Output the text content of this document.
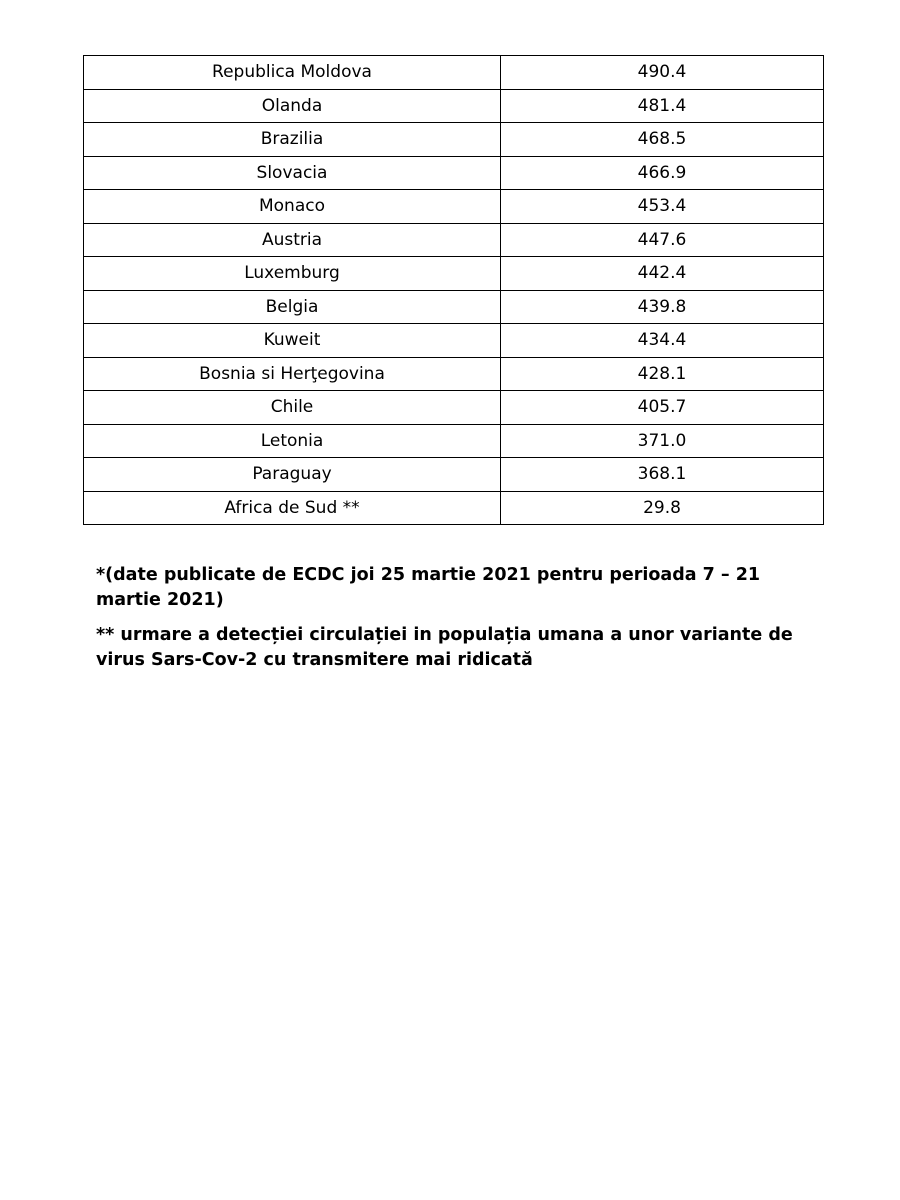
Republica Moldova	490.4
Olanda	481.4
Brazilia	468.5
Slovacia	466.9
Monaco	453.4
Austria	447.6
Luxemburg	442.4
Belgia	439.8
Kuweit	434.4
Bosnia si Herţegovina	428.1
Chile	405.7
Letonia	371.0
Paraguay	368.1
Africa de Sud **	29.8

*(date publicate de ECDC joi 25 martie 2021 pentru perioada 7 – 21 martie 2021)

** urmare a detecției circulației in populația umana a unor variante de virus Sars-Cov-2 cu transmitere mai ridicată
